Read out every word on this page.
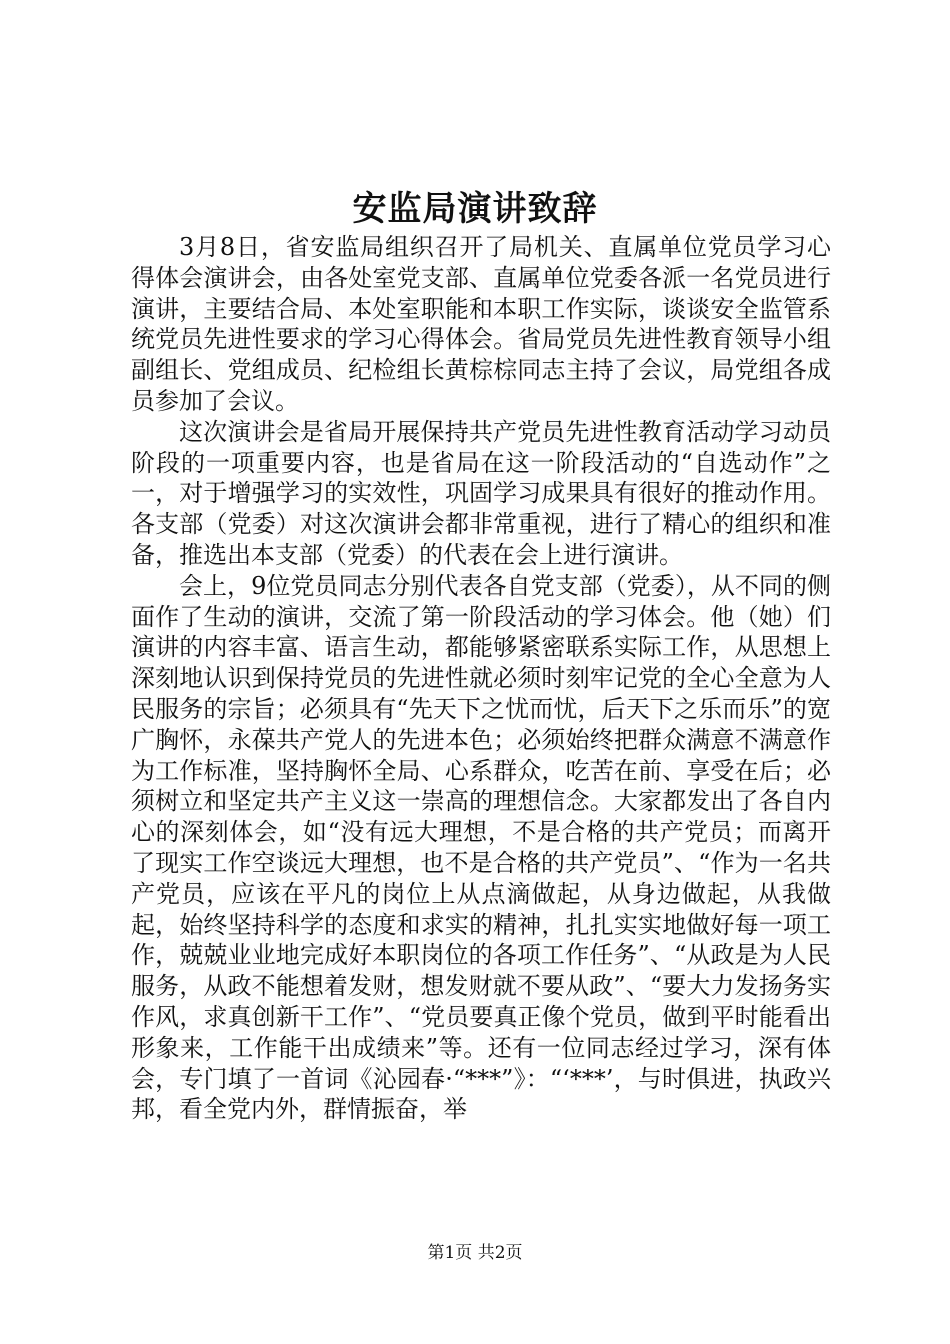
安监局演讲致辞

3月8日，省安监局组织召开了局机关、直属单位党员学习心得体会演讲会，由各处室党支部、直属单位党委各派一名党员进行演讲，主要结合局、本处室职能和本职工作实际，谈谈安全监管系统党员先进性要求的学习心得体会。省局党员先进性教育领导小组副组长、党组成员、纪检组长黄棕棕同志主持了会议，局党组各成员参加了会议。

这次演讲会是省局开展保持共产党员先进性教育活动学习动员阶段的一项重要内容，也是省局在这一阶段活动的“自选动作”之一，对于增强学习的实效性，巩固学习成果具有很好的推动作用。各支部（党委）对这次演讲会都非常重视，进行了精心的组织和准备，推选出本支部（党委）的代表在会上进行演讲。

会上，9位党员同志分别代表各自党支部（党委），从不同的侧面作了生动的演讲，交流了第一阶段活动的学习体会。他（她）们演讲的内容丰富、语言生动，都能够紧密联系实际工作，从思想上深刻地认识到保持党员的先进性就必须时刻牢记党的全心全意为人民服务的宗旨；必须具有“先天下之忧而忧，后天下之乐而乐”的宽广胸怀，永葆共产党人的先进本色；必须始终把群众满意不满意作为工作标准，坚持胸怀全局、心系群众，吃苦在前、享受在后；必须树立和坚定共产主义这一崇高的理想信念。大家都发出了各自内心的深刻体会，如“没有远大理想，不是合格的共产党员；而离开了现实工作空谈远大理想，也不是合格的共产党员”、“作为一名共产党员，应该在平凡的岗位上从点滴做起，从身边做起，从我做起，始终坚持科学的态度和求实的精神，扎扎实实地做好每一项工作，兢兢业业地完成好本职岗位的各项工作任务”、“从政是为人民服务，从政不能想着发财，想发财就不要从政”、“要大力发扬务实作风，求真创新干工作”、“党员要真正像个党员，做到平时能看出形象来，工作能干出成绩来”等。还有一位同志经过学习，深有体会，专门填了一首词《沁园春·“***”》：“‘***’，与时俱进，执政兴邦，看全党内外，群情振奋，举

第1页 共2页
